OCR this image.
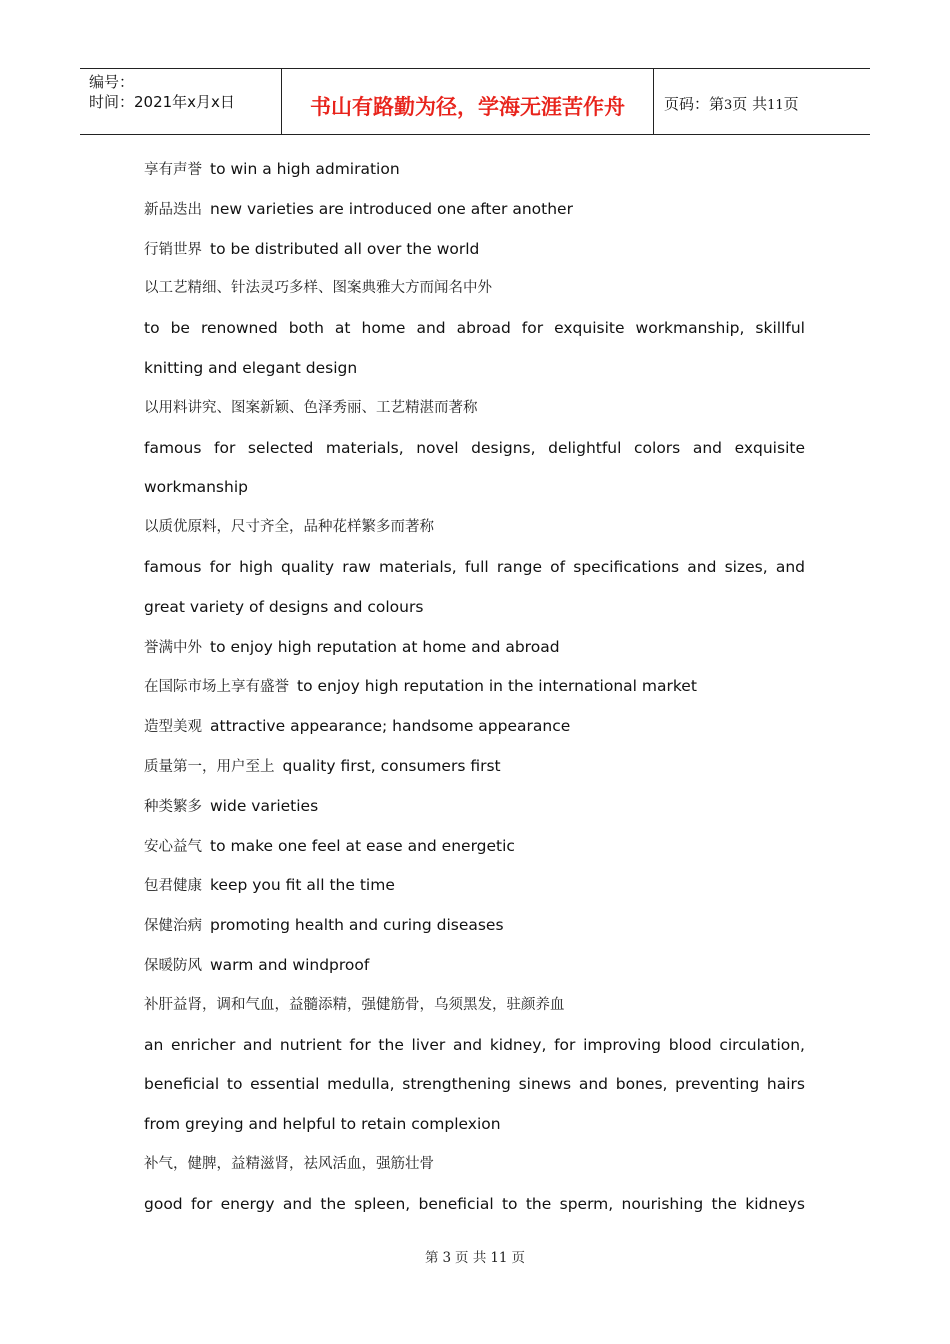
编号：
时间：2021年x月x日	书山有路勤为径，学海无涯苦作舟	页码：第3页 共11页
享有声誉 to win a high admiration
新品迭出 new varieties are introduced one after another
行销世界 to be distributed all over the world
以工艺精细、针法灵巧多样、图案典雅大方而闻名中外
to be renowned both at home and abroad for exquisite workmanship, skillful
knitting and elegant design
以用料讲究、图案新颖、色泽秀丽、工艺精湛而著称
famous for selected materials, novel designs, delightful colors and exquisite
workmanship
以质优原料，尺寸齐全，品种花样繁多而著称
famous for high quality raw materials, full range of specifications and sizes, and
great variety of designs and colours
誉满中外 to enjoy high reputation at home and abroad
在国际市场上享有盛誉 to enjoy high reputation in the international market
造型美观 attractive appearance; handsome appearance
质量第一，用户至上 quality first, consumers first
种类繁多 wide varieties
安心益气 to make one feel at ease and energetic
包君健康 keep you fit all the time
保健治病 promoting health and curing diseases
保暖防风 warm and windproof
补肝益肾，调和气血，益髓添精，强健筋骨，乌须黑发，驻颜养血
an enricher and nutrient for the liver and kidney, for improving blood circulation,
beneficial to essential medulla, strengthening sinews and bones, preventing hairs
from greying and helpful to retain complexion
补气，健脾，益精滋肾，祛风活血，强筋壮骨
good for energy and the spleen, beneficial to the sperm, nourishing the kidneys
第 3 页 共 11 页
